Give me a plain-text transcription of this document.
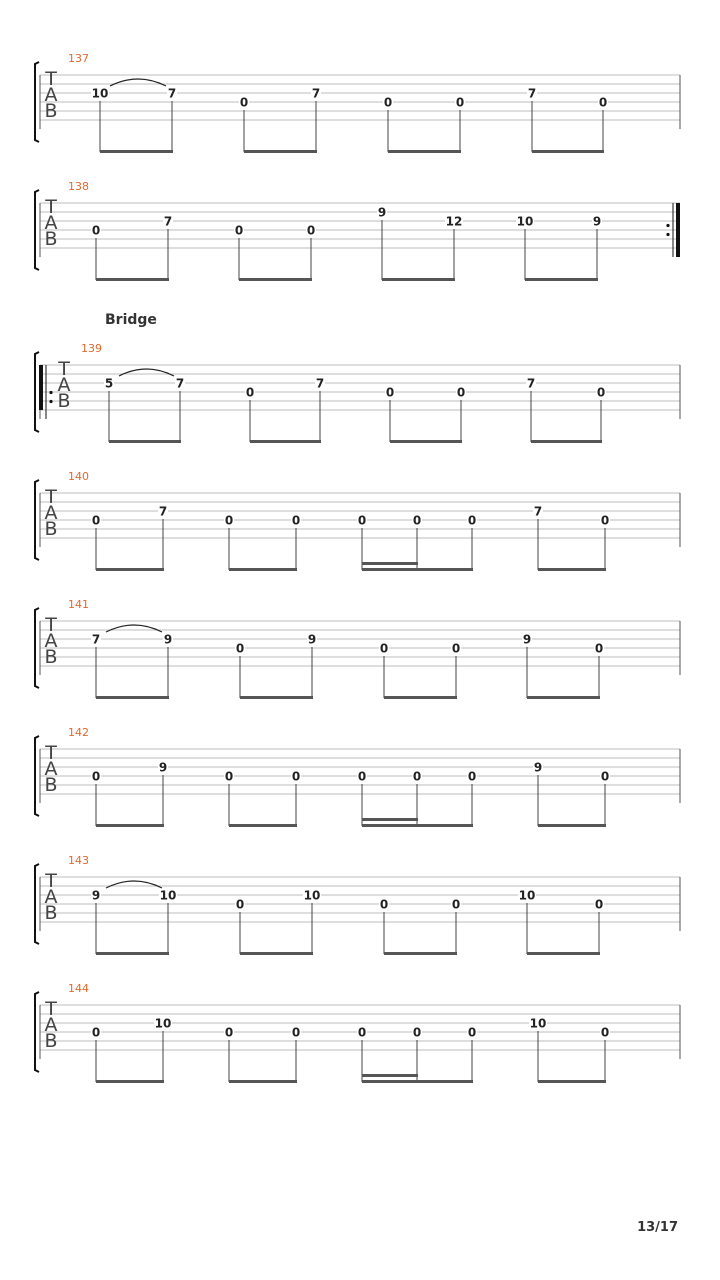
137
T
A
B
10	7
0
7
0	0
7
0
138
T
A
B	0
7
0	0
9
12	10	9
Bridge
139
T
A
B
5	7
0
7
0	0
7
0
140
T
A
B	0
7
0	0	0	0	0
7
0
141
T
A
B
7	9
0
9
0	0
9
0
142
T
A
B	0
9
0	0	0	0	0
9
0
143
T
A
B
9	10
0
10
0	0
10
0
144
T
A
B	0
10
0	0	0	0	0
10
0
13/17
